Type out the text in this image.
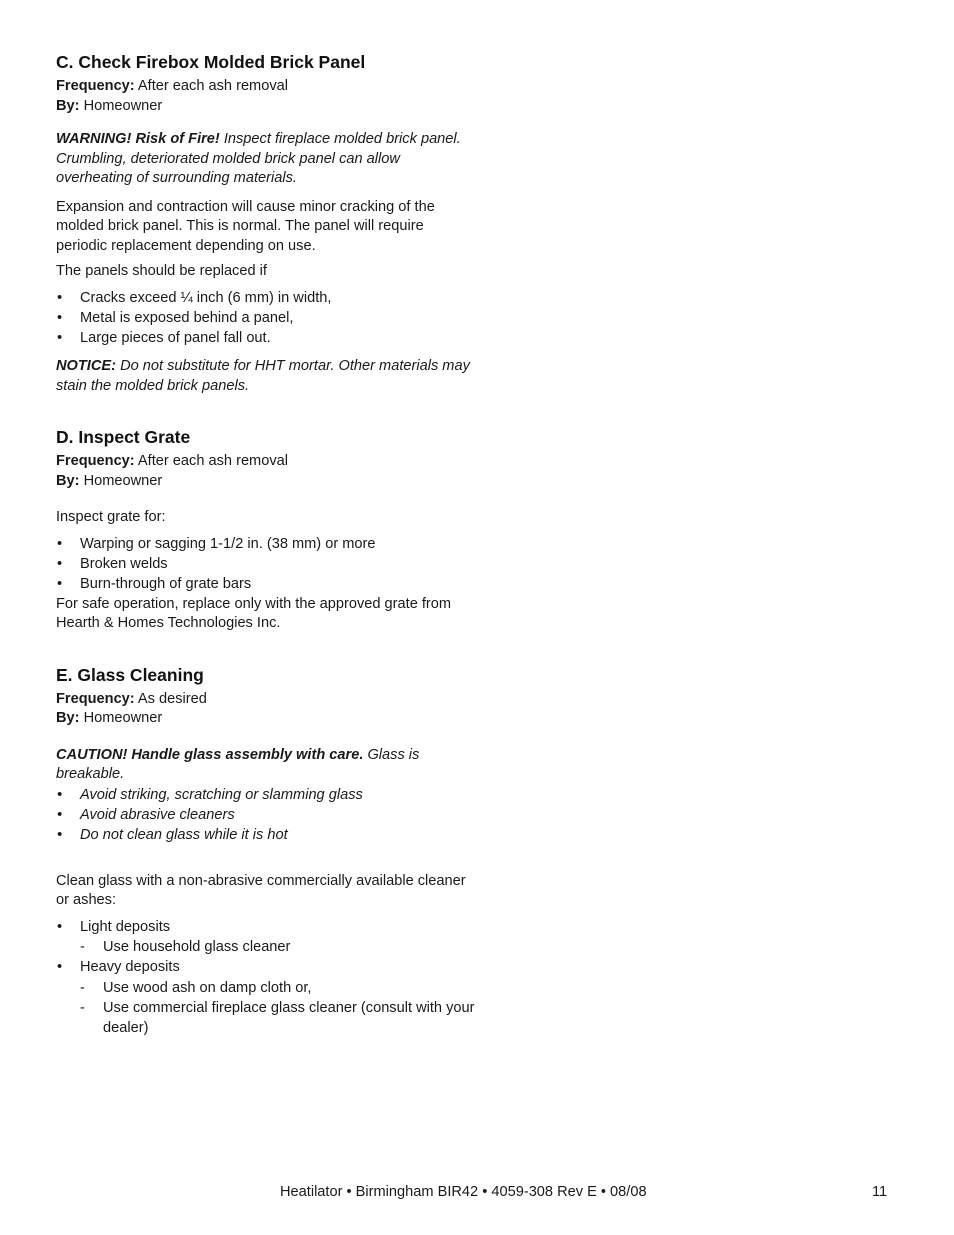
C. Check Firebox Molded Brick Panel

Frequency: After each ash removal

By: Homeowner

WARNING! Risk of Fire! Inspect fireplace molded brick panel. Crumbling, deteriorated molded brick panel can allow overheating of surrounding materials.

Expansion and contraction will cause minor cracking of the molded brick panel. This is normal. The panel will require periodic replacement depending on use.

The panels should be replaced if

• Cracks exceed ¼ inch (6 mm) in width,
• Metal is exposed behind a panel,
• Large pieces of panel fall out.

NOTICE: Do not substitute for HHT mortar. Other materials may stain the molded brick panels.

D. Inspect Grate

Frequency: After each ash removal

By: Homeowner

Inspect grate for:

• Warping or sagging 1-1/2 in. (38 mm) or more
• Broken welds
• Burn-through of grate bars

For safe operation, replace only with the approved grate from Hearth & Homes Technologies Inc.

E. Glass Cleaning

Frequency: As desired

By: Homeowner

CAUTION! Handle glass assembly with care. Glass is breakable.

• Avoid striking, scratching or slamming glass
• Avoid abrasive cleaners
• Do not clean glass while it is hot

Clean glass with a non-abrasive commercially available cleaner or ashes:

• Light deposits
- Use household glass cleaner
• Heavy deposits
- Use wood ash on damp cloth or,
- Use commercial fireplace glass cleaner (consult with your dealer)
Heatilator • Birmingham BIR42 • 4059-308 Rev E • 08/08	11
